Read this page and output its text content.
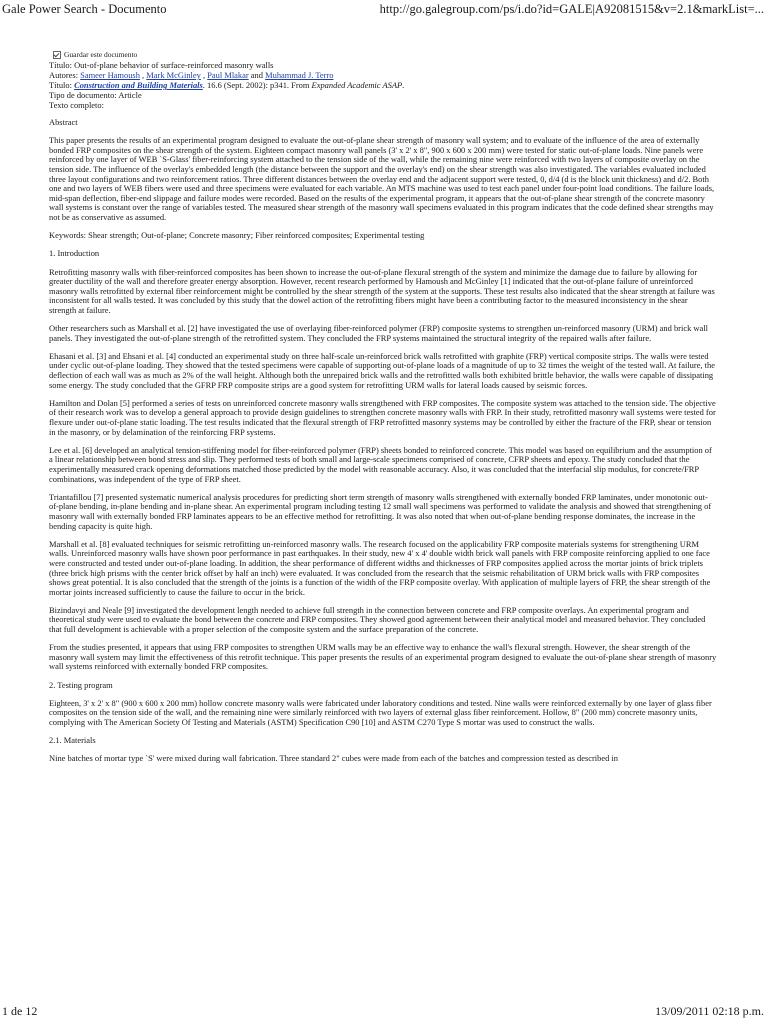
Gale Power Search - Documento	http://go.galegroup.com/ps/i.do?id=GALE|A92081515&v=2.1&markList=...
Guardar este documento
Título: Out-of-plane behavior of surface-reinforced masonry walls
Autores: Sameer Hamoush , Mark McGinley , Paul Mlakar and Muhammad J. Terro
Título: Construction and Building Materials. 16.6 (Sept. 2002): p341. From Expanded Academic ASAP.
Tipo de documento: Article
Texto completo:

Abstract

This paper presents the results of an experimental program designed to evaluate the out-of-plane shear strength of masonry wall system; and to evaluate of the influence of the area of externally bonded FRP composites on the shear strength of the system. Eighteen compact masonry wall panels (3' x 2' x 8", 900 x 600 x 200 mm) were tested for static out-of-plane loads. Nine panels were reinforced by one layer of WEB `S-Glass' fiber-reinforcing system attached to the tension side of the wall, while the remaining nine were reinforced with two layers of composite overlay on the tension side. The influence of the overlay's embedded length (the distance between the support and the overlay's end) on the shear strength was also investigated. The variables evaluated included three layout configurations and two reinforcement ratios. Three different distances between the overlay end and the adjacent support were tested, 0, d/4 (d is the block unit thickness) and d/2. Both one and two layers of WEB fibers were used and three specimens were evaluated for each variable. An MTS machine was used to test each panel under four-point load conditions. The failure loads, mid-span deflection, fiber-end slippage and failure modes were recorded. Based on the results of the experimental program, it appears that the out-of-plane shear strength of the concrete masonry wall systems is constant over the range of variables tested. The measured shear strength of the masonry wall specimens evaluated in this program indicates that the code defined shear strengths may not be as conservative as assumed.

Keywords: Shear strength; Out-of-plane; Concrete masonry; Fiber reinforced composites; Experimental testing

1. Introduction

Retrofitting masonry walls with fiber-reinforced composites has been shown to increase the out-of-plane flexural strength of the system and minimize the damage due to failure by allowing for greater ductility of the wall and therefore greater energy absorption. However, recent research performed by Hamoush and McGinley [1] indicated that the out-of-plane failure of unreinforced masonry walls retrofitted by external fiber reinforcement might be controlled by the shear strength of the system at the supports. These test results also indicated that the shear strength at failure was inconsistent for all walls tested. It was concluded by this study that the dowel action of the retrofitting fibers might have been a contributing factor to the measured inconsistency in the shear strength at failure.

Other researchers such as Marshall et al. [2] have investigated the use of overlaying fiber-reinforced polymer (FRP) composite systems to strengthen un-reinforced masonry (URM) and brick wall panels. They investigated the out-of-plane strength of the retrofitted system. They concluded the FRP systems maintained the structural integrity of the repaired walls after failure.

Ehasani et al. [3] and Ehsani et al. [4] conducted an experimental study on three half-scale un-reinforced brick walls retrofitted with graphite (FRP) vertical composite strips. The walls were tested under cyclic out-of-plane loading. They showed that the tested specimens were capable of supporting out-of-plane loads of a magnitude of up to 32 times the weight of the tested wall. At failure, the deflection of each wall was as much as 2% of the wall height. Although both the unrepaired brick walls and the retrofitted walls both exhibited brittle behavior, the walls were capable of dissipating some energy. The study concluded that the GFRP FRP composite strips are a good system for retrofitting URM walls for lateral loads caused by seismic forces.

Hamilton and Dolan [5] performed a series of tests on unreinforced concrete masonry walls strengthened with FRP composites. The composite system was attached to the tension side. The objective of their research work was to develop a general approach to provide design guidelines to strengthen concrete masonry walls with FRP. In their study, retrofitted masonry wall systems were tested for flexure under out-of-plane static loading. The test results indicated that the flexural strength of FRP retrofitted masonry systems may be controlled by either the fracture of the FRP, shear or tension in the masonry, or by delamination of the reinforcing FRP systems.

Lee et al. [6] developed an analytical tension-stiffening model for fiber-reinforced polymer (FRP) sheets bonded to reinforced concrete. This model was based on equilibrium and the assumption of a linear relationship between bond stress and slip. They performed tests of both small and large-scale specimens comprised of concrete, CFRP sheets and epoxy. The study concluded that the experimentally measured crack opening deformations matched those predicted by the model with reasonable accuracy. Also, it was concluded that the interfacial slip modulus, for concrete/FRP combinations, was independent of the type of FRP sheet.

Triantafillou [7] presented systematic numerical analysis procedures for predicting short term strength of masonry walls strengthened with externally bonded FRP laminates, under monotonic out-of-plane bending, in-plane bending and in-plane shear. An experimental program including testing 12 small wall specimens was performed to validate the analysis and showed that strengthening of masonry wall with externally bonded FRP laminates appears to be an effective method for retrofitting. It was also noted that when out-of-plane bending response dominates, the increase in the bending capacity is quite high.

Marshall et al. [8] evaluated techniques for seismic retrofitting un-reinforced masonry walls. The research focused on the applicability FRP composite materials systems for strengthening URM walls. Unreinforced masonry walls have shown poor performance in past earthquakes. In their study, new 4' x 4' double width brick wall panels with FRP composite reinforcing applied to one face were constructed and tested under out-of-plane loading. In addition, the shear performance of different widths and thicknesses of FRP composites applied across the mortar joints of brick triplets (three brick high prisms with the center brick offset by half an inch) were evaluated. It was concluded from the research that the seismic rehabilitation of URM brick walls with FRP composites shows great potential. It is also concluded that the strength of the joints is a function of the width of the FRP composite overlay. With application of multiple layers of FRP, the shear strength of the mortar joints increased sufficiently to cause the failure to occur in the brick.

Bizindavyi and Neale [9] investigated the development length needed to achieve full strength in the connection between concrete and FRP composite overlays. An experimental program and theoretical study were used to evaluate the bond between the concrete and FRP composites. They showed good agreement between their analytical model and measured behavior. They concluded that full development is achievable with a proper selection of the composite system and the surface preparation of the concrete.

From the studies presented, it appears that using FRP composites to strengthen URM walls may be an effective way to enhance the wall's flexural strength. However, the shear strength of the masonry wall system may limit the effectiveness of this retrofit technique. This paper presents the results of an experimental program designed to evaluate the out-of-plane shear strength of masonry wall systems reinforced with externally bonded FRP composites.

2. Testing program

Eighteen, 3' x 2' x 8" (900 x 600 x 200 mm) hollow concrete masonry walls were fabricated under laboratory conditions and tested. Nine walls were reinforced externally by one layer of glass fiber composites on the tension side of the wall, and the remaining nine were similarly reinforced with two layers of external glass fiber reinforcement. Hollow, 8" (200 mm) concrete masonry units, complying with The American Society Of Testing and Materials (ASTM) Specification C90 [10] and ASTM C270 Type S mortar was used to construct the walls.

2.1. Materials

Nine batches of mortar type `S' were mixed during wall fabrication. Three standard 2" cubes were made from each of the batches and compression tested as described in

1 de 12	13/09/2011 02:18 p.m.
